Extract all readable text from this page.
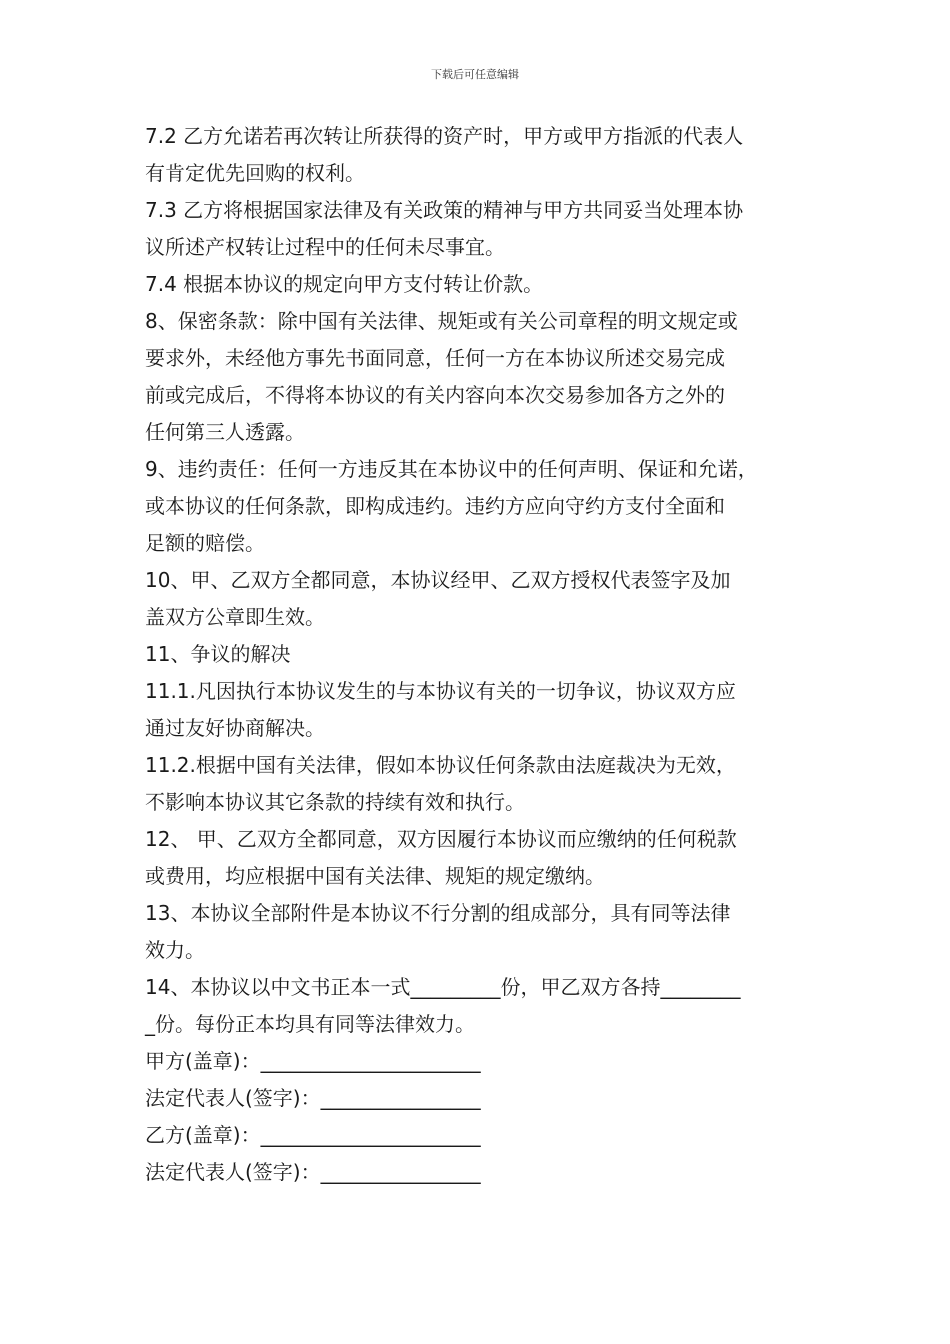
下载后可任意编辑
7.2 乙方允诺若再次转让所获得的资产时，甲方或甲方指派的代表人
有肯定优先回购的权利。
7.3 乙方将根据国家法律及有关政策的精神与甲方共同妥当处理本协
议所述产权转让过程中的任何未尽事宜。
7.4 根据本协议的规定向甲方支付转让价款。
8、保密条款：除中国有关法律、规矩或有关公司章程的明文规定或
要求外，未经他方事先书面同意，任何一方在本协议所述交易完成
前或完成后，不得将本协议的有关内容向本次交易参加各方之外的
任何第三人透露。
9、违约责任：任何一方违反其在本协议中的任何声明、保证和允诺，
或本协议的任何条款，即构成违约。违约方应向守约方支付全面和
足额的赔偿。
10、甲、乙双方全都同意，本协议经甲、乙双方授权代表签字及加
盖双方公章即生效。
11、争议的解决
11.1.凡因执行本协议发生的与本协议有关的一切争议，协议双方应
通过友好协商解决。
11.2.根据中国有关法律，假如本协议任何条款由法庭裁决为无效，
不影响本协议其它条款的持续有效和执行。
12、 甲、乙双方全都同意，双方因履行本协议而应缴纳的任何税款
或费用，均应根据中国有关法律、规矩的规定缴纳。
13、本协议全部附件是本协议不行分割的组成部分，具有同等法律
效力。
14、本协议以中文书正本一式_________份，甲乙双方各持________
_份。每份正本均具有同等法律效力。
甲方(盖章)：______________________
法定代表人(签字)：________________
乙方(盖章)：______________________
法定代表人(签字)：________________
